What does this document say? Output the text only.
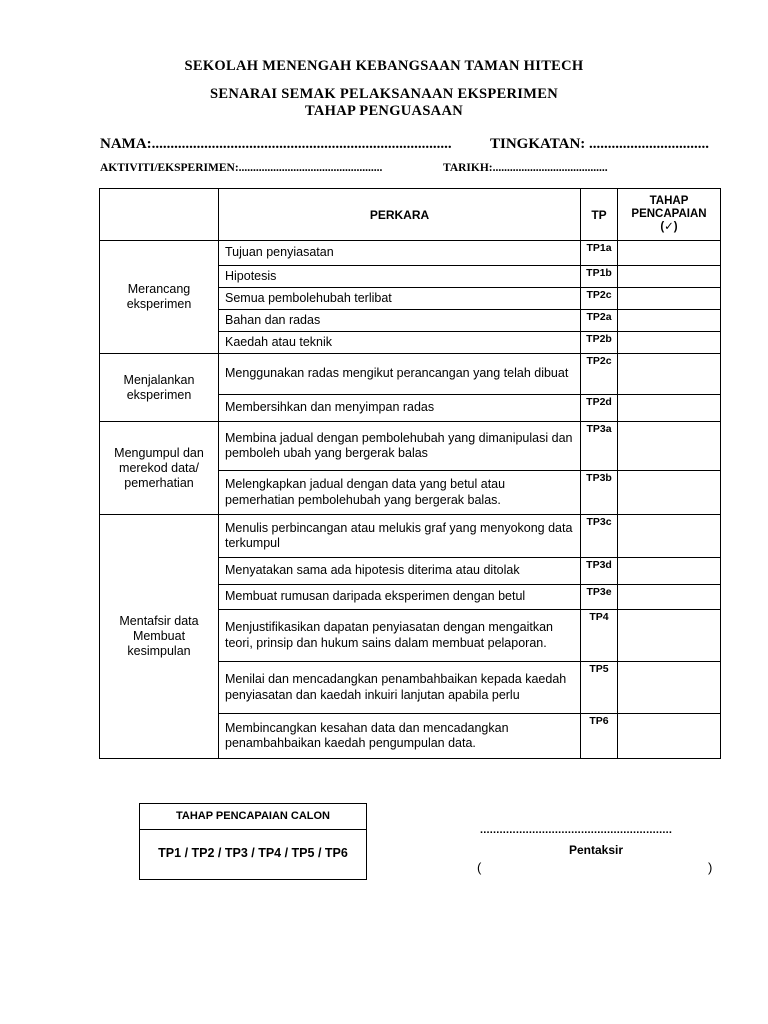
SEKOLAH MENENGAH KEBANGSAAN TAMAN HITECH
SENARAI SEMAK PELAKSANAAN EKSPERIMEN
TAHAP PENGUASAAN
NAMA:................................................................................	TINGKATAN: ................................
AKTIVITI/EKSPERIMEN:..................................................	TARIKH:........................................
	PERKARA	TP	TAHAP
PENCAPAIAN
(✓)

Merancang eksperimen	Tujuan penyiasatan	TP1a	
	Hipotesis	TP1b	
	Semua pembolehubah terlibat	TP2c	
	Bahan dan radas	TP2a	
	Kaedah atau teknik	TP2b	
Menjalankan eksperimen	Menggunakan radas mengikut perancangan yang telah dibuat	TP2c	
	Membersihkan dan menyimpan radas	TP2d	
Mengumpul dan merekod data/ pemerhatian	Membina jadual dengan pembolehubah yang dimanipulasi dan pemboleh ubah yang bergerak balas	TP3a	
	Melengkapkan jadual dengan data yang betul atau pemerhatian pembolehubah yang bergerak balas.	TP3b	
Mentafsir data Membuat kesimpulan	Menulis perbincangan atau melukis graf yang menyokong data terkumpul	TP3c	
	Menyatakan sama ada hipotesis diterima atau ditolak	TP3d	
	Membuat rumusan daripada eksperimen dengan betul	TP3e	
	Menjustifikasikan dapatan penyiasatan dengan mengaitkan teori, prinsip dan hukum sains dalam membuat pelaporan.	TP4	
	Menilai dan mencadangkan penambahbaikan kepada kaedah penyiasatan dan kaedah inkuiri lanjutan apabila perlu	TP5	
	Membincangkan kesahan data dan mencadangkan penambahbaikan kaedah pengumpulan data.	TP6	
TAHAP PENCAPAIAN CALON
TP1 / TP2 / TP3 / TP4 / TP5 / TP6
...........................................................
Pentaksir
(	)
